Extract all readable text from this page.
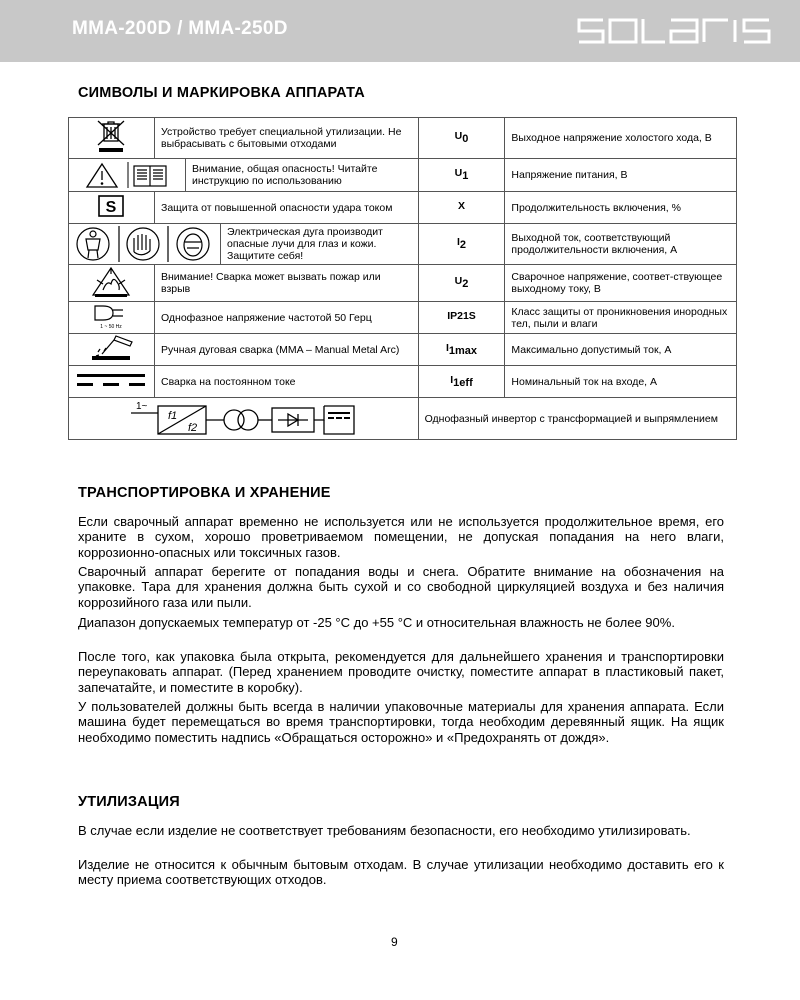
MMA-200D / MMA-250D
СИМВОЛЫ И МАРКИРОВКА АППАРАТА
	Устройство требует специальной утилизации. Не выбрасывать с бытовыми отходами	$U_0$	Выходное напряжение холостого хода, В

Внимание, общая опасность! Читайте инструкцию по использованию		$U_1$	Напряжение питания, В

S	Защита от повышенной опасности удара током	X	Продолжительность включения, %

Электрическая дуга производит опасные лучи для глаз и кожи. Защитите себя!		$I_2$	Выходной ток, соответствующий продолжительности включения, А
	Внимание! Сварка может вызвать пожар или взрыв	$U_2$	Сварочное напряжение, соответ-ствующее выходному току, В

1 ~ 50 Hz	Однофазное напряжение частотой 50 Герц	IP21S	Класс защиты от проникновения инородных тел, пыли и влаги
	Ручная дуговая сварка (MMA – Manual Metal Arc)	$I_{1max}$	Максимально допустимый ток, А
	Сварка на постоянном токе	$I_{1eff}$	Номинальный ток на входе, А

1~
f1
f2		Однофазный инвертор с трансформацией и выпрямлением	
ТРАНСПОРТИРОВКА И ХРАНЕНИЕ

Если сварочный аппарат временно не используется или не используется продолжительное время, его храните в сухом, хорошо проветриваемом помещении, не допуская попадания на него влаги, коррозионно-опасных или токсичных газов.

Сварочный аппарат берегите от попадания воды и снега. Обратите внимание на обозначения на упаковке. Тара для хранения должна быть сухой и со свободной циркуляцией воздуха и без наличия коррозийного газа или пыли.

Диапазон допускаемых температур от -25 °C до +55 °C и относительная влажность не более 90%.

После того, как упаковка была открыта, рекомендуется для дальнейшего хранения и транспортировки переупаковать аппарат. (Перед хранением проводите очистку, поместите аппарат в пластиковый пакет, запечатайте, и поместите в коробку).

У пользователей должны быть всегда в наличии упаковочные материалы для хранения аппарата. Если машина будет перемещаться во время транспортировки, тогда необходим деревянный ящик. На ящик необходимо поместить надпись «Обращаться осторожно» и «Предохранять от дождя».

УТИЛИЗАЦИЯ

В случае если изделие не соответствует требованиям безопасности, его необходимо утилизировать.

Изделие не относится к обычным бытовым отходам. В случае утилизации необходимо доставить его к месту приема соответствующих отходов.

9
